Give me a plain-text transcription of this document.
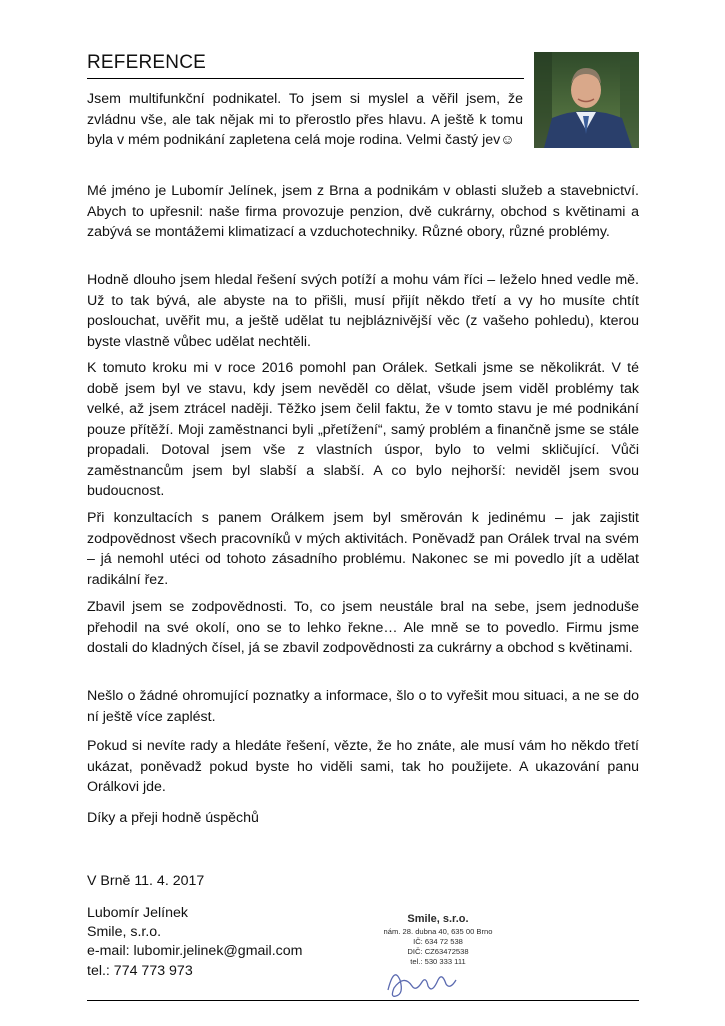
REFERENCE

Jsem multifunkční podnikatel. To jsem si myslel a věřil jsem, že zvládnu vše, ale tak nějak mi to přerostlo přes hlavu. A ještě k tomu byla v mém podnikání zapletena celá moje rodina. Velmi častý jev☺

Mé jméno je Lubomír Jelínek, jsem z Brna a podnikám v oblasti služeb a stavebnictví. Abych to upřesnil: naše firma provozuje penzion, dvě cukrárny, obchod s květinami a zabývá se montážemi klimatizací a vzduchotechniky. Různé obory, různé problémy.

Hodně dlouho jsem hledal řešení svých potíží a mohu vám říci – leželo hned vedle mě. Už to tak bývá, ale abyste na to přišli, musí přijít někdo třetí a vy ho musíte chtít poslouchat, uvěřit mu, a ještě udělat tu nejbláznivější věc (z vašeho pohledu), kterou byste vlastně vůbec udělat nechtěli.

K tomuto kroku mi v roce 2016 pomohl pan Orálek. Setkali jsme se několikrát. V té době jsem byl ve stavu, kdy jsem nevěděl co dělat, všude jsem viděl problémy tak velké, až jsem ztrácel naději. Těžko jsem čelil faktu, že v tomto stavu je mé podnikání pouze přítěží. Moji zaměstnanci byli „přetížení“, samý problém a finančně jsme se stále propadali. Dotoval jsem vše z vlastních úspor, bylo to velmi skličující. Vůči zaměstnancům jsem byl slabší a slabší. A co bylo nejhorší: neviděl jsem svou budoucnost.

Při konzultacích s panem Orálkem jsem byl směrován k jedinému – jak zajistit zodpovědnost všech pracovníků v mých aktivitách. Poněvadž pan Orálek trval na svém – já nemohl utéci od tohoto zásadního problému. Nakonec se mi povedlo jít a udělat radikální řez.

Zbavil jsem se zodpovědnosti. To, co jsem neustále bral na sebe, jsem jednoduše přehodil na své okolí, ono se to lehko řekne… Ale mně se to povedlo. Firmu jsme dostali do kladných čísel, já se zbavil zodpovědnosti za cukrárny a obchod s květinami.

Nešlo o žádné ohromující poznatky a informace, šlo o to vyřešit mou situaci, a ne se do ní ještě více zaplést.

Pokud si nevíte rady a hledáte řešení, vězte, že ho znáte, ale musí vám ho někdo třetí ukázat, poněvadž pokud byste ho viděli sami, tak ho použijete. A ukazování panu Orálkovi jde.

Díky a přeji hodně úspěchů

V Brně 11. 4. 2017

Lubomír Jelínek

Smile, s.r.o.

e-mail: lubomir.jelinek@gmail.com

tel.: 774 773 973

Smile, s.r.o.
nám. 28. dubna 40, 635 00 Brno
IČ: 634 72 538
DIČ: CZ63472538
tel.: 530 333 111
